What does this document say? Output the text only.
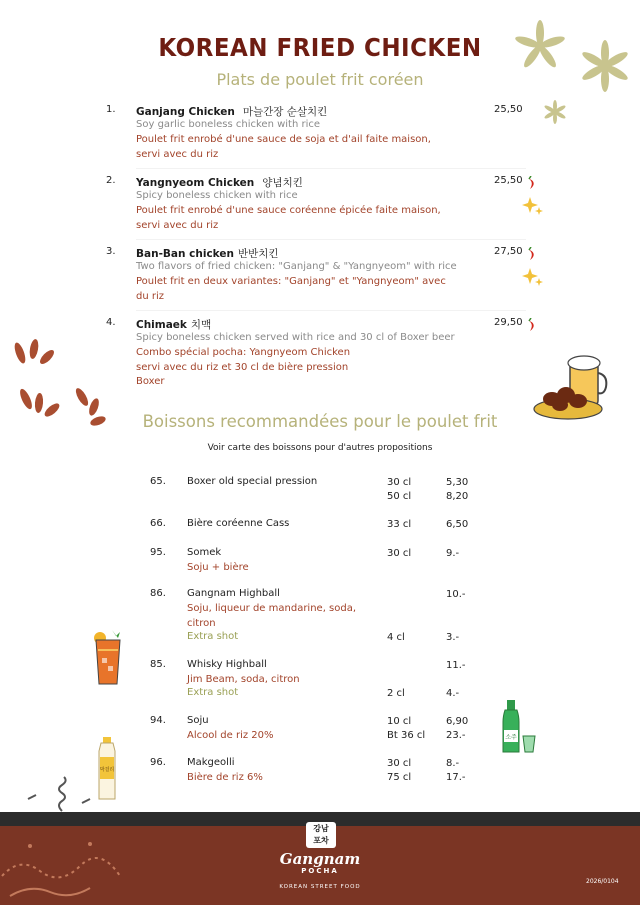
KOREAN FRIED CHICKEN
Plats de poulet frit coréen
1. Ganjang Chicken 마늘간장 순살치킨
Soy garlic boneless chicken with rice
Poulet frit enrobé d'une sauce de soja et d'ail faite maison, servi avec du riz
25,50
2. Yangnyeom Chicken 양념치킨
Spicy boneless chicken with rice
Poulet frit enrobé d'une sauce coréenne épicée faite maison, servi avec du riz
25,50
3. Ban-Ban chicken 반반치킨
Two flavors of fried chicken: "Ganjang" & "Yangnyeom" with rice
Poulet frit en deux variantes: "Ganjang" et "Yangnyeom" avec du riz
27,50
4. Chimaek 치맥
Spicy boneless chicken served with rice and 30 cl of Boxer beer
Combo spécial pocha: Yangnyeom Chicken servi avec du riz et 30 cl de bière pression Boxer
29,50
Boissons recommandées pour le poulet frit
Voir carte des boissons pour d'autres propositions
65. Boxer old special pression	30 cl	5,30
50 cl	8,20
66. Bière coréenne Cass	33 cl	6,50
95. Somek
Soju + bière
30 cl	9.-
86. Gangnam Highball
Soju, liqueur de mandarine, soda, citron
10.-
Extra shot	4 cl	3.-
85. Whisky Highball
Jim Beam, soda, citron
11.-
Extra shot	2 cl	4.-
94. Soju
Alcool de riz 20%
10 cl	6,90
Bt 36 cl 23.-
96. Makgeolli
Bière de riz 6%
30 cl	8.-
75 cl	17.-
소주
막걸리
강남
포차
Gangnam
POCHA
KOREAN STREET FOOD
2026/0104
